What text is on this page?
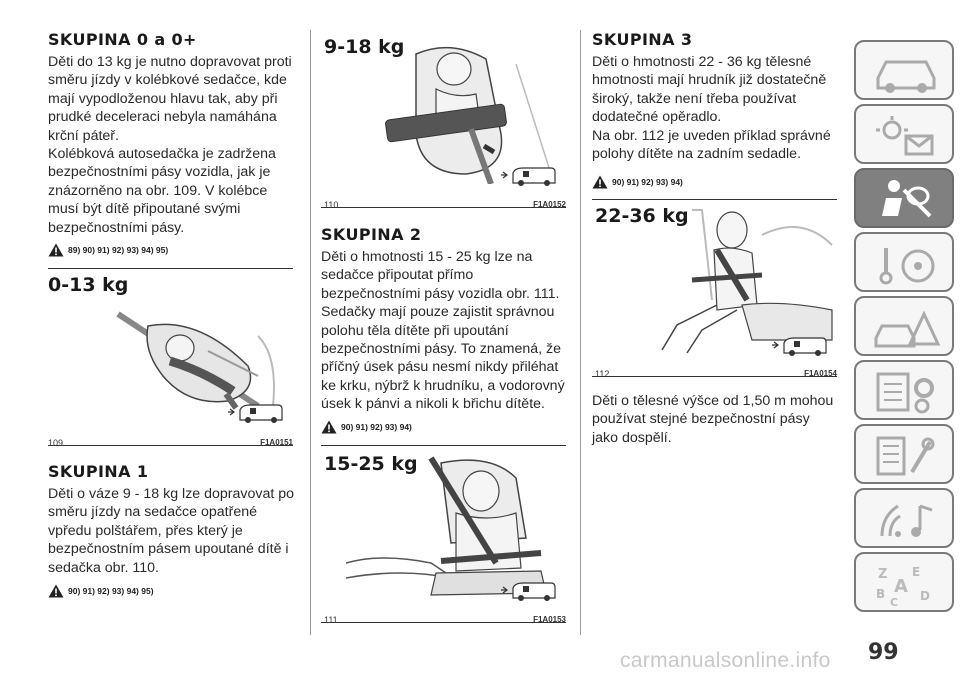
SKUPINA 0 a 0+
Děti do 13 kg je nutno dopravovat proti
směru jízdy v kolébkové sedačce, kde
mají vypodloženou hlavu tak, aby při
prudké deceleraci nebyla namáhána
krční páteř.
Kolébková autosedačka je zadržena
bezpečnostními pásy vozidla, jak je
znázorněno na obr. 109. V kolébce
musí být dítě připoutané svými
bezpečnostními pásy.
89) 90) 91) 92) 93) 94) 95)
0-13 kg
109	F1A0151
SKUPINA 1
Děti o váze 9 - 18 kg lze dopravovat po
směru jízdy na sedačce opatřené
vpředu polštářem, přes který je
bezpečnostním pásem upoutané dítě i
sedačka obr. 110.
90) 91) 92) 93) 94) 95)
9-18 kg
110	F1A0152
SKUPINA 2
Děti o hmotnosti 15 - 25 kg lze na
sedačce připoutat přímo
bezpečnostními pásy vozidla obr. 111.
Sedačky mají pouze zajistit správnou
polohu těla dítěte při upoutání
bezpečnostními pásy. To znamená, že
příčný úsek pásu nesmí nikdy přiléhat
ke krku, nýbrž k hrudníku, a vodorovný
úsek k pánvi a nikoli k břichu dítěte.
90) 91) 92) 93) 94)
15-25 kg
111	F1A0153
SKUPINA 3
Děti o hmotnosti 22 - 36 kg tělesné
hmotnosti mají hrudník již dostatečně
široký, takže není třeba používat
dodatečné opěradlo.
Na obr. 112 je uveden příklad správné
polohy dítěte na zadním sedadle.
90) 91) 92) 93) 94)
22-36 kg
112	F1A0154
Děti o tělesné výšce od 1,50 m mohou
používat stejné bezpečnostní pásy
jako dospělí.
Z E
A
B	D
C
99
carmanualsonline.info
